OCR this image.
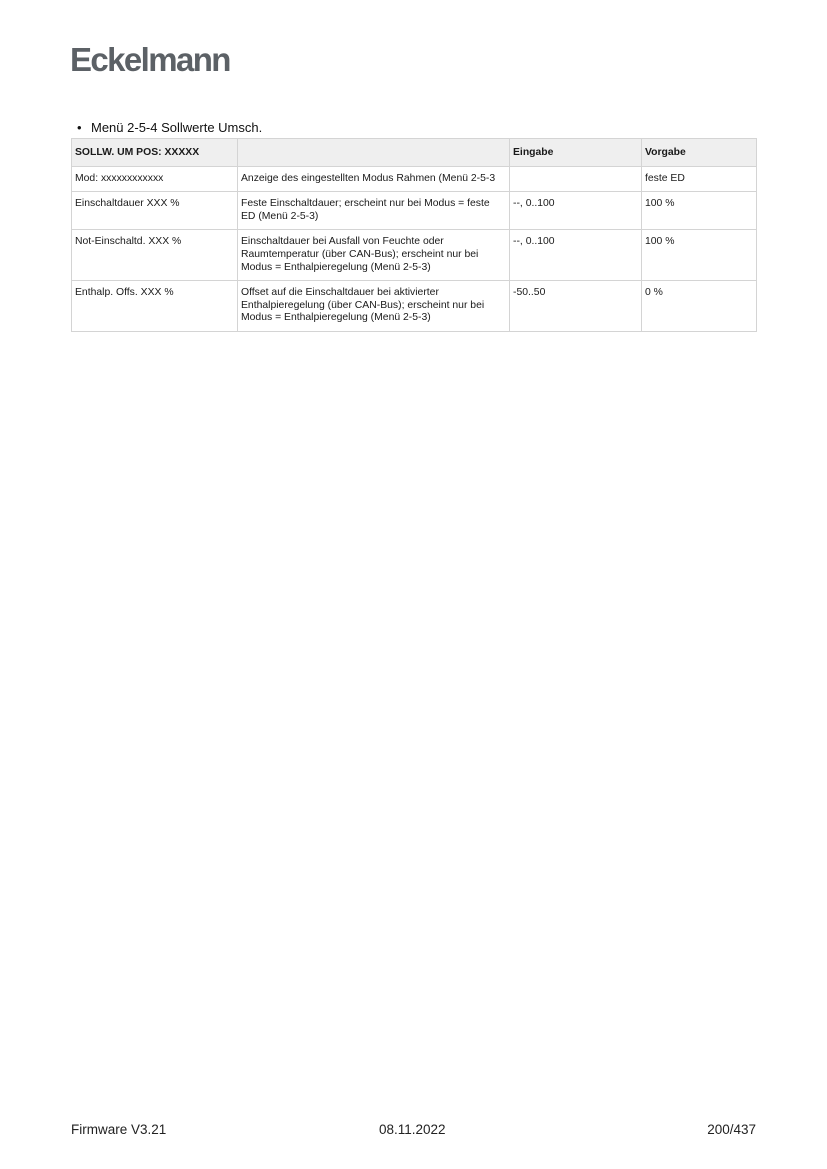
Eckelmann
• Menü 2-5-4 Sollwerte Umsch.
SOLLW. UM POS: XXXXX		Eingabe	Vorgabe
Mod: xxxxxxxxxxxx	Anzeige des eingestellten Modus Rahmen (Menü 2-5-3		feste ED
Einschaltdauer XXX %	Feste Einschaltdauer; erscheint nur bei Modus = feste ED (Menü 2-5-3)	--, 0..100	100 %
Not-Einschaltd. XXX %	Einschaltdauer bei Ausfall von Feuchte oder Raumtemperatur (über CAN-Bus); erscheint nur bei Modus = Enthalpieregelung (Menü 2-5-3)	--, 0..100	100 %
Enthalp. Offs. XXX %	Offset auf die Einschaltdauer bei aktivierter Enthalpieregelung (über CAN-Bus); erscheint nur bei Modus = Enthalpieregelung (Menü 2-5-3)	-50..50	0 %
Firmware V3.21	08.11.2022	200/437
